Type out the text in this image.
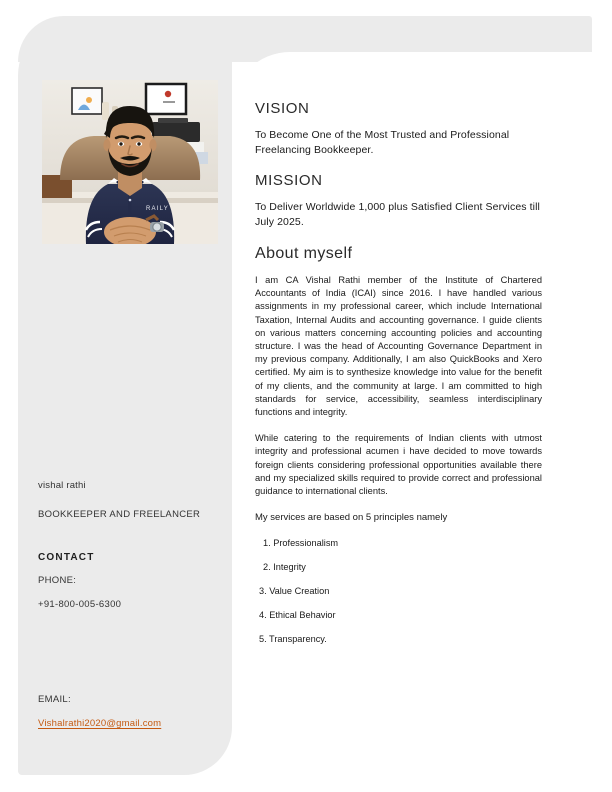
RAILY
vishal rathi
BOOKKEEPER AND FREELANCER
CONTACT
PHONE:
+91-800-005-6300
EMAIL:
Vishalrathi2020@gmail.com
VISION
To Become One of the Most Trusted and Professional Freelancing Bookkeeper.
MISSION
To Deliver Worldwide 1,000 plus Satisfied Client Services till July 2025.
About myself
I am CA Vishal Rathi member of the Institute of Chartered Accountants of India (ICAI) since 2016. I have handled various assignments in my professional career, which include International Taxation, Internal Audits and accounting governance. I guide clients on various matters concerning accounting policies and accounting structure. I was the head of Accounting Governance Department in my previous company. Additionally, I am also QuickBooks and Xero certified. My aim is to synthesize knowledge into value for the benefit of my clients, and the community at large. I am committed to high standards for service, accessibility, seamless interdisciplinary functions and integrity.
While catering to the requirements of Indian clients with utmost integrity and professional acumen i have decided to move towards foreign clients considering professional opportunities available there and my specialized skills required to provide correct and professional guidance to international clients.
My services are based on 5 principles namely
1. Professionalism
2. Integrity
3. Value Creation
4. Ethical Behavior
5. Transparency.
